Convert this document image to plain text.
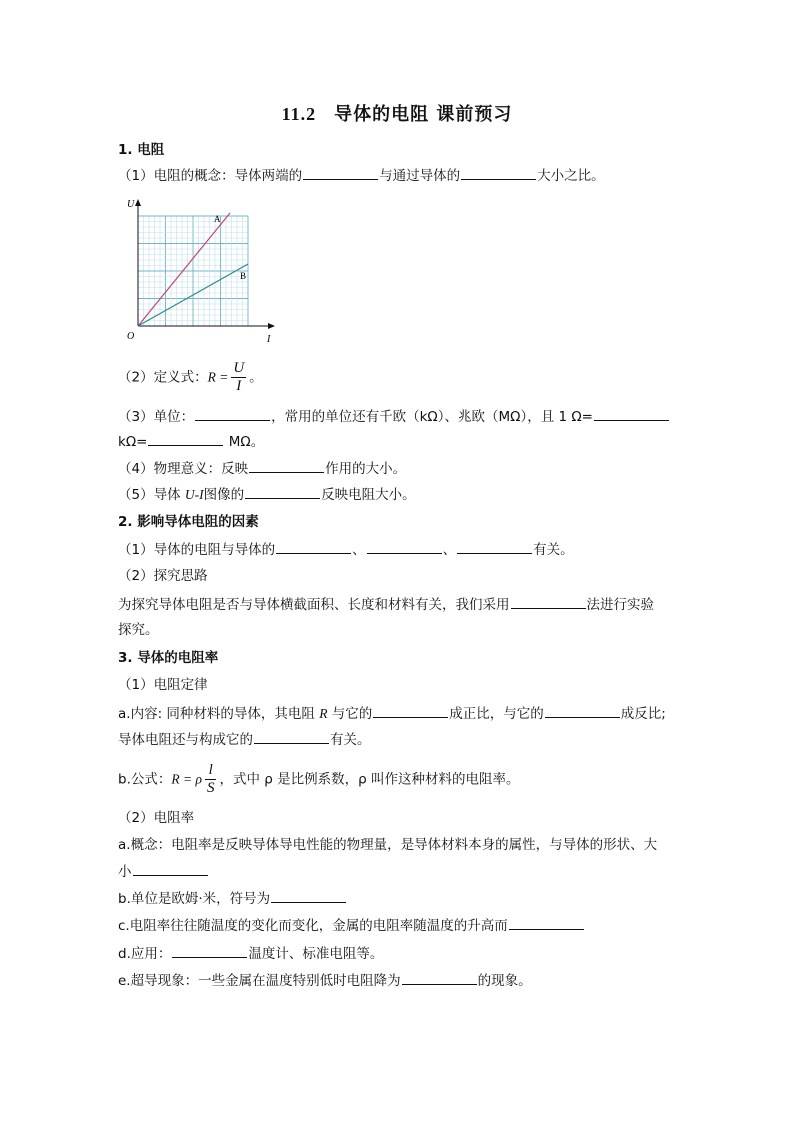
11.2 导体的电阻 课前预习
1. 电阻
（1）电阻的概念：导体两端的	与通过导体的	大小之比。
U
I
O
A
B
（2）定义式：$R = \frac{U}{I}$ 。
（3）单位：	，常用的单位还有千欧（kΩ）、兆欧（MΩ），且 1 Ω=
kΩ=	MΩ。
（4）物理意义：反映	作用的大小。
（5）导体 U-I图像的	反映电阻大小。
2. 影响导体电阻的因素
（1）导体的电阻与导体的	、	、	有关。
（2）探究思路
为探究导体电阻是否与导体横截面积、长度和材料有关，我们采用	法进行实验
探究。
3. 导体的电阻率
（1）电阻定律
a.内容: 同种材料的导体，其电阻 R 与它的	成正比，与它的	成反比;
导体电阻还与构成它的	有关。
b.公式：R = ρ $\frac{l}{S}$ ，式中 ρ 是比例系数，ρ 叫作这种材料的电阻率。
（2）电阻率
a.概念：电阻率是反映导体导电性能的物理量，是导体材料本身的属性，与导体的形状、大
小
b.单位是欧姆·米，符号为
c.电阻率往往随温度的变化而变化，金属的电阻率随温度的升高而
d.应用：	温度计、标准电阻等。
e.超导现象：一些金属在温度特别低时电阻降为	的现象。
